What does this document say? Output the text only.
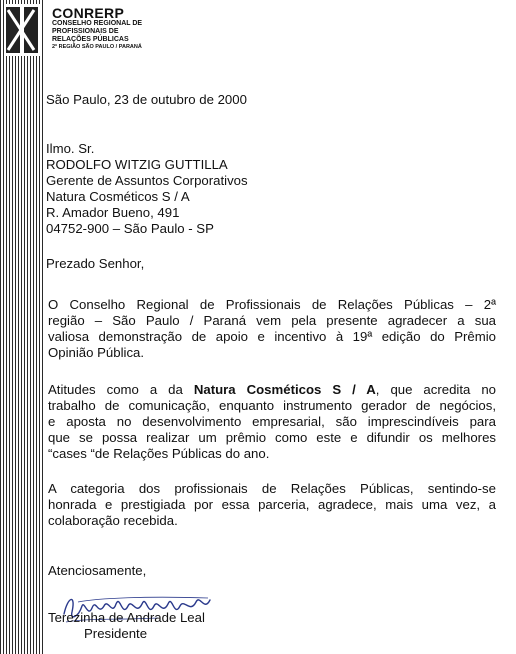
CONRERP
CONSELHO REGIONAL DE
PROFISSIONAIS DE
RELAÇÕES PÚBLICAS
2ª REGIÃO SÃO PAULO / PARANÁ
São Paulo, 23 de outubro de 2000
Ilmo. Sr.
RODOLFO WITZIG GUTTILLA
Gerente de Assuntos Corporativos
Natura Cosméticos S / A
R. Amador Bueno, 491
04752-900 – São Paulo - SP
Prezado Senhor,
O Conselho Regional de Profissionais de Relações Públicas – 2ª
região – São Paulo / Paraná vem pela presente agradecer a sua
valiosa demonstração de apoio e incentivo à 19ª edição do Prêmio
Opinião Pública.
Atitudes como a da Natura Cosméticos S / A, que acredita no
trabalho de comunicação, enquanto instrumento gerador de negócios,
e aposta no desenvolvimento empresarial, são imprescindíveis para
que se possa realizar um prêmio como este e difundir os melhores
“cases “de Relações Públicas do ano.
A categoria dos profissionais de Relações Públicas, sentindo-se
honrada e prestigiada por essa parceria, agradece, mais uma vez, a
colaboração recebida.
Atenciosamente,
Terezinha de Andrade Leal
Presidente
